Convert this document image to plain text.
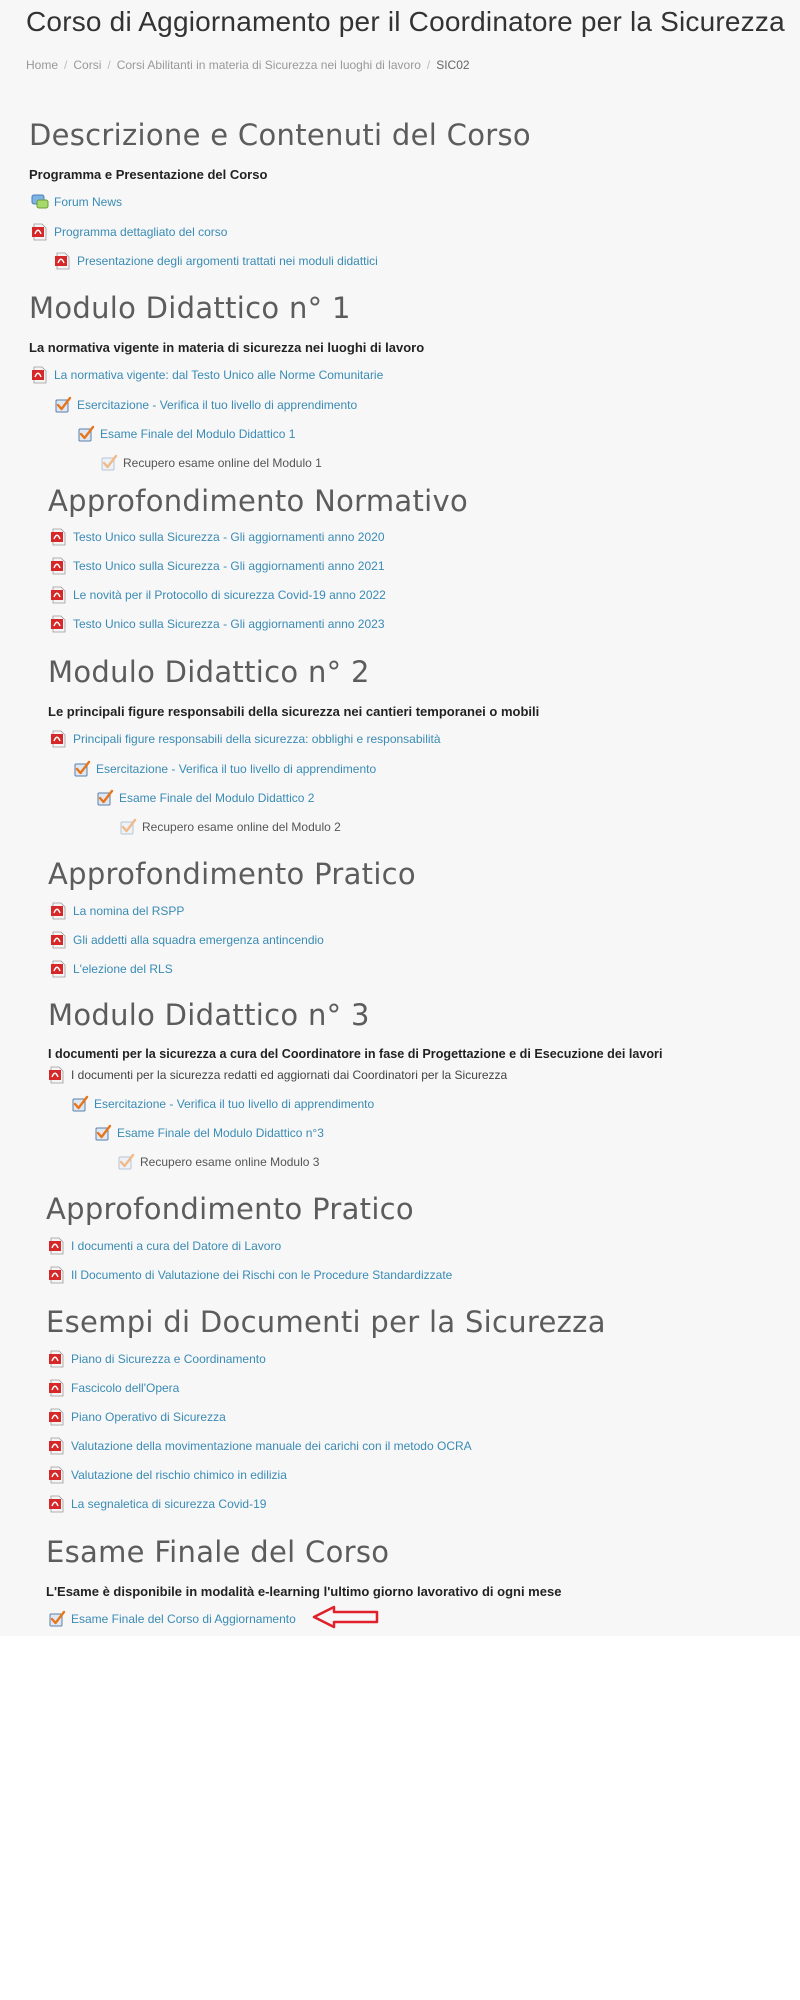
Corso di Aggiornamento per il Coordinatore per la Sicurezza
Home / Corsi / Corsi Abilitanti in materia di Sicurezza nei luoghi di lavoro / SIC02
Descrizione e Contenuti del Corso

Programma e Presentazione del Corso

Forum News
Programma dettagliato del corso
Presentazione degli argomenti trattati nei moduli didattici
Modulo Didattico n° 1

La normativa vigente in materia di sicurezza nei luoghi di lavoro

La normativa vigente: dal Testo Unico alle Norme Comunitarie
Esercitazione - Verifica il tuo livello di apprendimento
Esame Finale del Modulo Didattico 1
Recupero esame online del Modulo 1
Approfondimento Normativo
Testo Unico sulla Sicurezza - Gli aggiornamenti anno 2020
Testo Unico sulla Sicurezza - Gli aggiornamenti anno 2021
Le novità per il Protocollo di sicurezza Covid-19 anno 2022
Testo Unico sulla Sicurezza - Gli aggiornamenti anno 2023
Modulo Didattico n° 2

Le principali figure responsabili della sicurezza nei cantieri temporanei o mobili

Principali figure responsabili della sicurezza: obblighi e responsabilità
Esercitazione - Verifica il tuo livello di apprendimento
Esame Finale del Modulo Didattico 2
Recupero esame online del Modulo 2
Approfondimento Pratico
La nomina del RSPP
Gli addetti alla squadra emergenza antincendio
L'elezione del RLS
Modulo Didattico n° 3

I documenti per la sicurezza a cura del Coordinatore in fase di Progettazione e di Esecuzione dei lavori

I documenti per la sicurezza redatti ed aggiornati dai Coordinatori per la Sicurezza
Esercitazione - Verifica il tuo livello di apprendimento
Esame Finale del Modulo Didattico n°3
Recupero esame online Modulo 3
Approfondimento Pratico
I documenti a cura del Datore di Lavoro
Il Documento di Valutazione dei Rischi con le Procedure Standardizzate
Esempi di Documenti per la Sicurezza
Piano di Sicurezza e Coordinamento
Fascicolo dell'Opera
Piano Operativo di Sicurezza
Valutazione della movimentazione manuale dei carichi con il metodo OCRA
Valutazione del rischio chimico in edilizia
La segnaletica di sicurezza Covid-19
Esame Finale del Corso

L'Esame è disponibile in modalità e-learning l'ultimo giorno lavorativo di ogni mese

Esame Finale del Corso di Aggiornamento
